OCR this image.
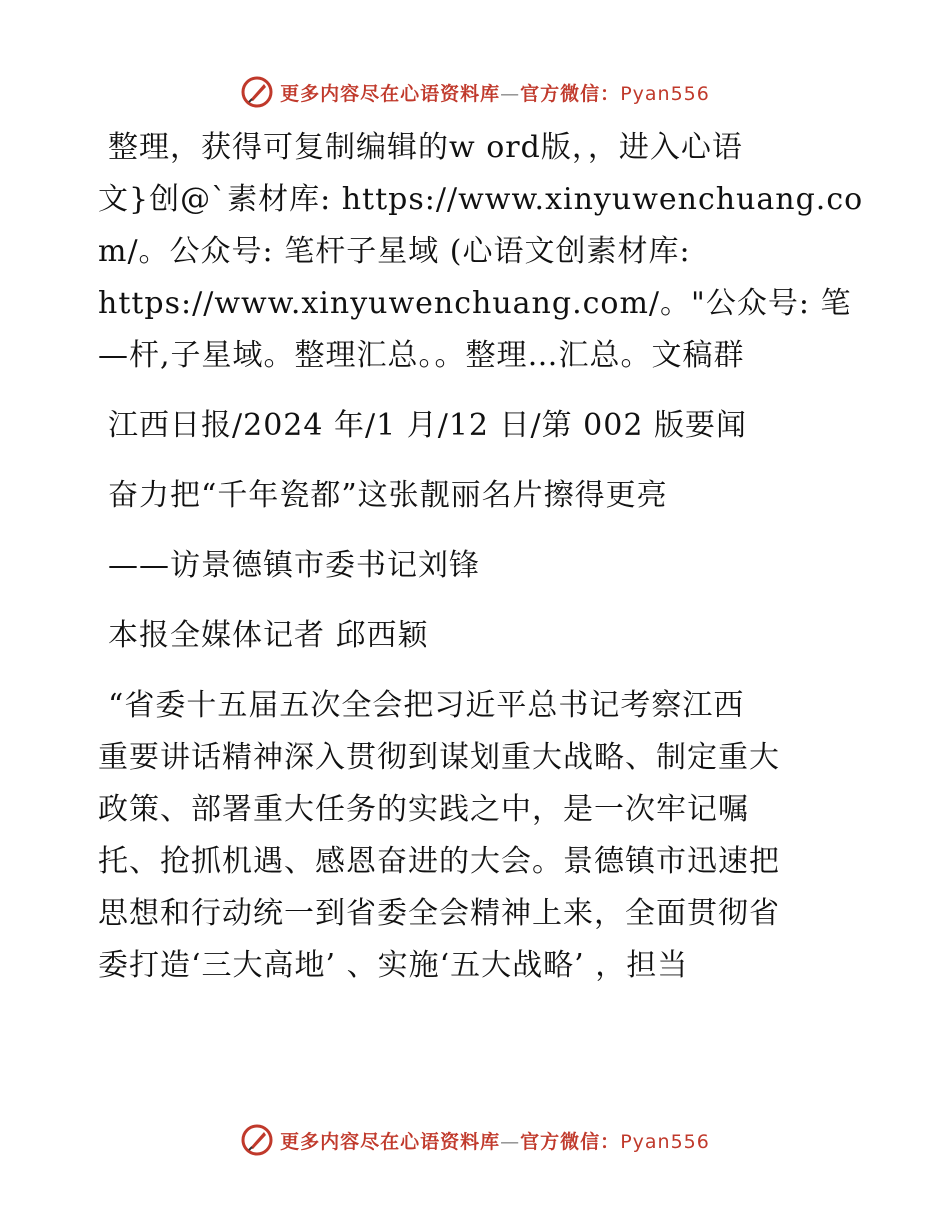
更多内容尽在心语资料库—官方微信：Pyan556

整理，获得可复制编辑的w ord版，，进入心语

文}创@`素材库: https://www.xinyuwenchuang.co

m/。公众号: 笔杆子星域 (心语文创素材库:

https://www.xinyuwenchuang.com/。"公众号: 笔

—杆,子星域。整理汇总。。整理…汇总。文稿群

江西日报/2024 年/1 月/12 日/第 002 版要闻

奋力把“千年瓷都”这张靓丽名片擦得更亮

——访景德镇市委书记刘锋

本报全媒体记者 邱西颖

“省委十五届五次全会把习近平总书记考察江西

重要讲话精神深入贯彻到谋划重大战略、制定重大

政策、部署重大任务的实践之中，是一次牢记嘱

托、抢抓机遇、感恩奋进的大会。景德镇市迅速把

思想和行动统一到省委全会精神上来，全面贯彻省

委打造‘三大高地’ 、实施‘五大战略’ ，担当

更多内容尽在心语资料库—官方微信：Pyan556
